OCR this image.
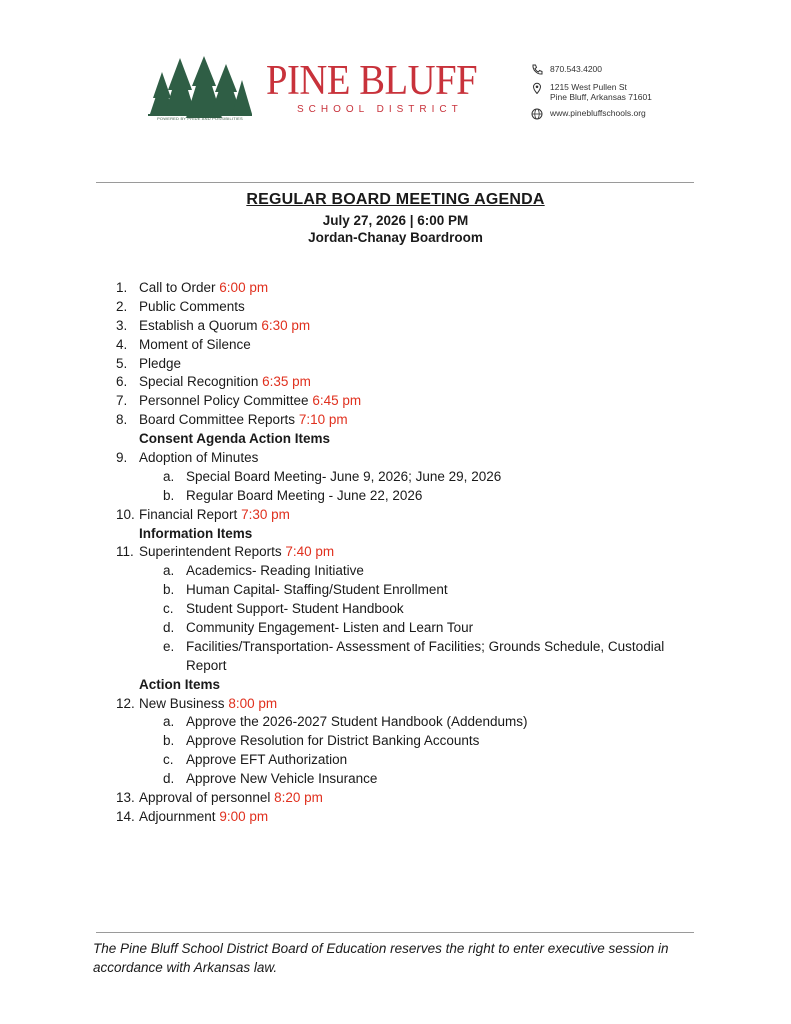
POWERED BY PRIDE AND POSSIBILITIES
PINE BLUFF
SCHOOL DISTRICT
870.543.4200
1215 West Pullen St
Pine Bluff, Arkansas 71601
www.pinebluffschools.org
REGULAR BOARD MEETING AGENDA
July 27, 2026 | 6:00 PM
Jordan-Chanay Boardroom
1. Call to Order 6:00 pm
2. Public Comments
3. Establish a Quorum 6:30 pm
4. Moment of Silence
5. Pledge
6. Special Recognition 6:35 pm
7. Personnel Policy Committee 6:45 pm
8. Board Committee Reports 7:10 pm
Consent Agenda Action Items
9. Adoption of Minutes
a. Special Board Meeting- June 9, 2026; June 29, 2026
b. Regular Board Meeting - June 22, 2026
10. Financial Report 7:30 pm
Information Items
11. Superintendent Reports 7:40 pm
a. Academics- Reading Initiative
b. Human Capital- Staffing/Student Enrollment
c. Student Support- Student Handbook
d. Community Engagement- Listen and Learn Tour
e. Facilities/Transportation- Assessment of Facilities; Grounds Schedule, Custodial
Report
Action Items
12. New Business 8:00 pm
a. Approve the 2026-2027 Student Handbook (Addendums)
b. Approve Resolution for District Banking Accounts
c. Approve EFT Authorization
d. Approve New Vehicle Insurance
13. Approval of personnel 8:20 pm
14. Adjournment 9:00 pm
The Pine Bluff School District Board of Education reserves the right to enter executive session in accordance with Arkansas law.
